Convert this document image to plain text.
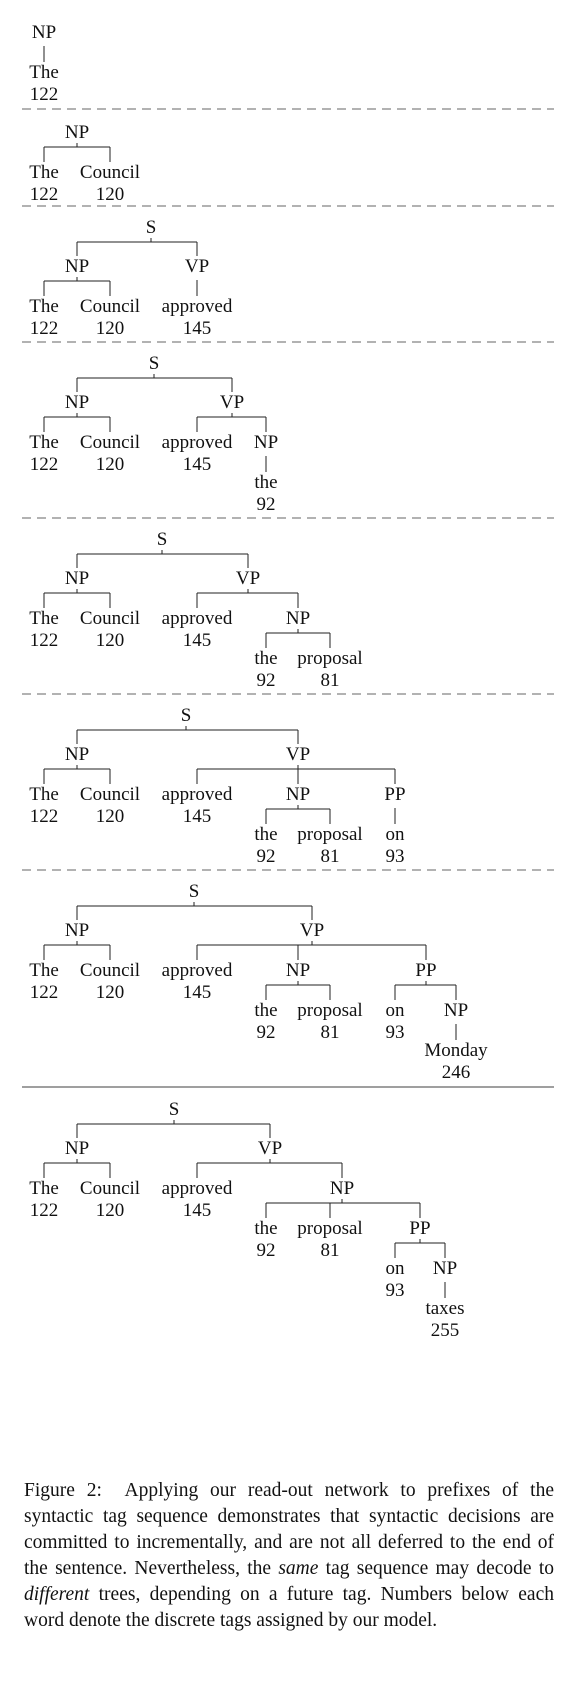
NP
The
122
NP
The
122
Council
120
S
NP	VP
The
122
Council
120
approved
145
S
NP	VP
NP
The
122
Council
120
approved
145
the
92
S
NP	VP
NP
The
122
Council
120
approved
145
the
92
proposal
81
S
NP	VP
NP	PP
The
122
Council
120
approved
145
the
92
proposal
81
on
93
S
NP	VP
NP	PP
NP
The
122
Council
120
approved
145
the
92
proposal
81
on
93
Monday
246
S
NP	VP
NP
PP
NP
The
122
Council
120
approved
145
the
92
proposal
81
on
93
taxes
255

Figure 2: Applying our read-out network to prefixes of the syntactic tag sequence demonstrates that syntactic decisions are committed to incrementally, and are not all deferred to the end of the sentence. Nevertheless, the same tag sequence may decode to different trees, depending on a future tag. Numbers below each word denote the discrete tags assigned by our model.
